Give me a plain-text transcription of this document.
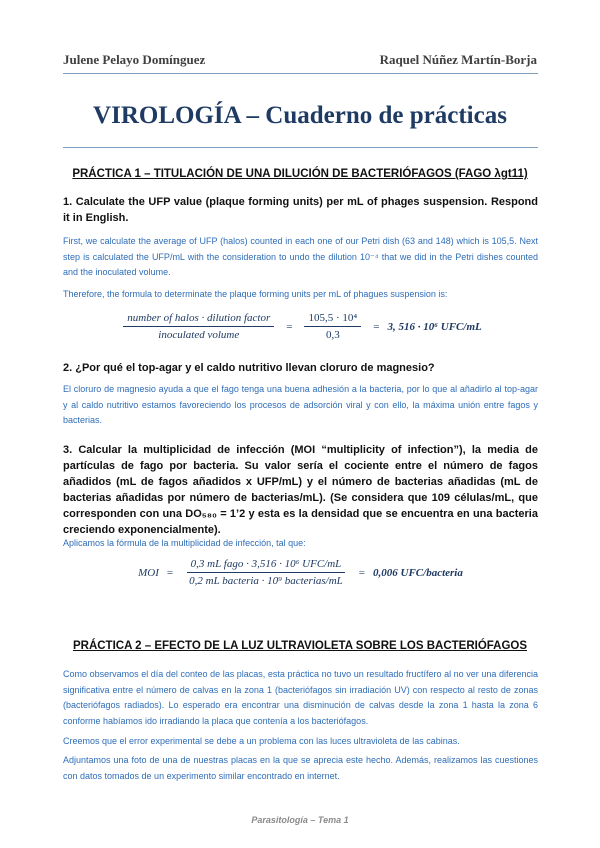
Julene Pelayo Domínguez	Raquel Núñez Martín-Borja
VIROLOGÍA – Cuaderno de prácticas
PRÁCTICA 1 – TITULACIÓN DE UNA DILUCIÓN DE BACTERIÓFAGOS (FAGO λgt11)

1. Calculate the UFP value (plaque forming units) per mL of phages suspension. Respond it in English.

First, we calculate the average of UFP (halos) counted in each one of our Petri dish (63 and 148) which is 105,5. Next step is calculated the UFP/mL with the consideration to undo the dilution 10⁻⁴ that we did in the Petri dishes counted and the inoculated volume.

Therefore, the formula to determinate the plaque forming units per mL of phagues suspension is:

$\frac{\text{number of halos · dilution factor}}{\text{inoculated volume}} = \frac{\text{105,5 · 10⁴}}{0,3} = 3$, 516 · 10⁶ UFC/mL

2. ¿Por qué el top-agar y el caldo nutritivo llevan cloruro de magnesio?

El cloruro de magnesio ayuda a que el fago tenga una buena adhesión a la bacteria, por lo que al añadirlo al top-agar y al caldo nutritivo estamos favoreciendo los procesos de adsorción viral y con ello, la máxima unión entre fagos y bacterias.

3. Calcular la multiplicidad de infección (MOI “multiplicity of infection”), la media de partículas de fago por bacteria. Su valor sería el cociente entre el número de fagos añadidos (mL de fagos añadidos x UFP/mL) y el número de bacterias añadidas (mL de bacterias añadidas por número de bacterias/mL). (Se considera que 109 células/mL, que corresponden con una DO₅₈₀ = 1’2 y esta es la densidad que se encuentra en una bacteria creciendo exponencialmente).

Aplicamos la fórmula de la multiplicidad de infección, tal que:

MOI = $\frac{\text{0,3 mL fago · 3,516 · 10⁶ UFC/mL}}{\text{0,2 mL bacteria · 10⁹ bacterias/mL}} = 0,006$ UFC/bacteria
PRÁCTICA 2 – EFECTO DE LA LUZ ULTRAVIOLETA SOBRE LOS BACTERIÓFAGOS

Como observamos el día del conteo de las placas, esta práctica no tuvo un resultado fructífero al no ver una diferencia significativa entre el número de calvas en la zona 1 (bacteriófagos sin irradiación UV) con respecto al resto de zonas (bacteriófagos radiados). Lo esperado era encontrar una disminución de calvas desde la zona 1 hasta la zona 6 conforme habíamos ido irradiando la placa que contenía a los bacteriófagos.

Creemos que el error experimental se debe a un problema con las luces ultravioleta de las cabinas.

Adjuntamos una foto de una de nuestras placas en la que se aprecia este hecho. Además, realizamos las cuestiones con datos tomados de un experimento similar encontrado en internet.

Parasitología – Tema 1
